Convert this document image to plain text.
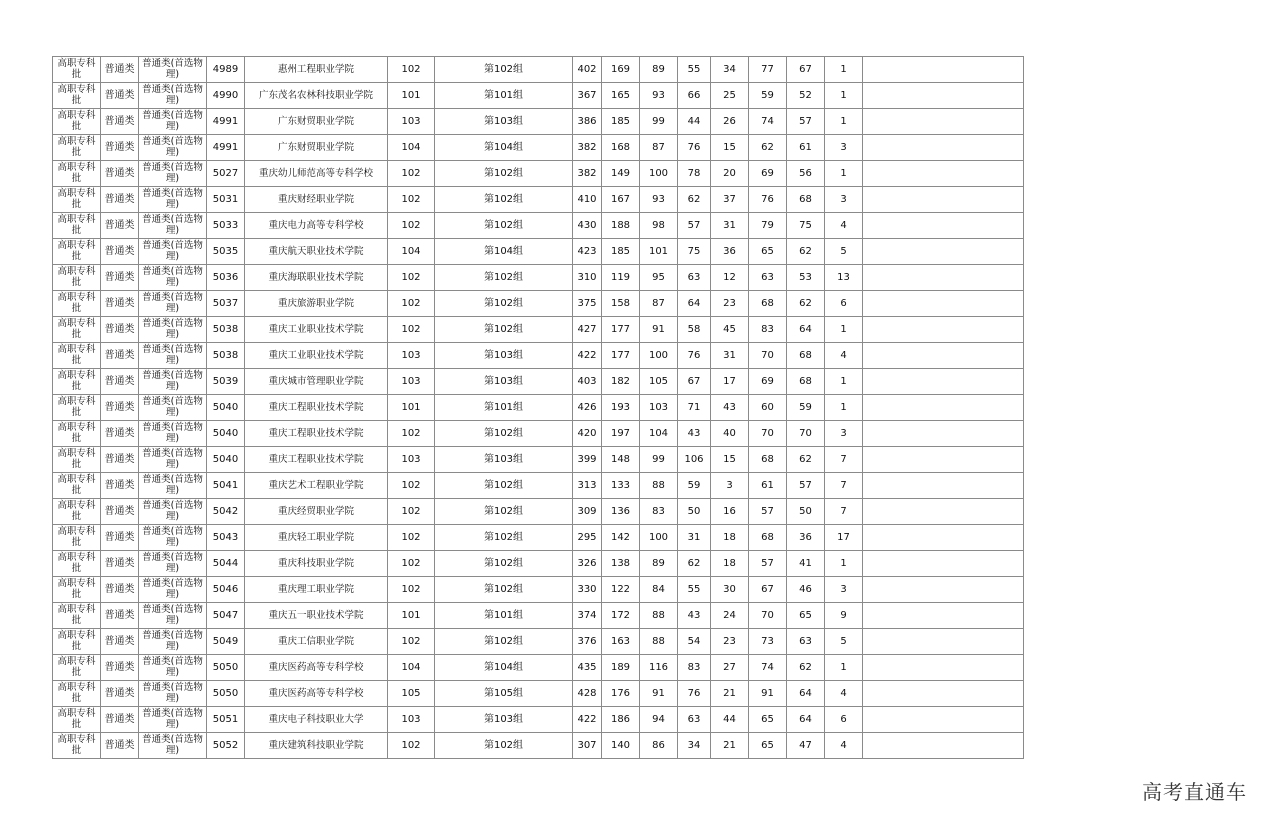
高职专科批	普通类	普通类(首选物理)	4989	惠州工程职业学院	102	第102组	402	169	89	55	34	77	67	1	
高职专科批	普通类	普通类(首选物理)	4990	广东茂名农林科技职业学院	101	第101组	367	165	93	66	25	59	52	1	
高职专科批	普通类	普通类(首选物理)	4991	广东财贸职业学院	103	第103组	386	185	99	44	26	74	57	1	
高职专科批	普通类	普通类(首选物理)	4991	广东财贸职业学院	104	第104组	382	168	87	76	15	62	61	3	
高职专科批	普通类	普通类(首选物理)	5027	重庆幼儿师范高等专科学校	102	第102组	382	149	100	78	20	69	56	1	
高职专科批	普通类	普通类(首选物理)	5031	重庆财经职业学院	102	第102组	410	167	93	62	37	76	68	3	
高职专科批	普通类	普通类(首选物理)	5033	重庆电力高等专科学校	102	第102组	430	188	98	57	31	79	75	4	
高职专科批	普通类	普通类(首选物理)	5035	重庆航天职业技术学院	104	第104组	423	185	101	75	36	65	62	5	
高职专科批	普通类	普通类(首选物理)	5036	重庆海联职业技术学院	102	第102组	310	119	95	63	12	63	53	13	
高职专科批	普通类	普通类(首选物理)	5037	重庆旅游职业学院	102	第102组	375	158	87	64	23	68	62	6	
高职专科批	普通类	普通类(首选物理)	5038	重庆工业职业技术学院	102	第102组	427	177	91	58	45	83	64	1	
高职专科批	普通类	普通类(首选物理)	5038	重庆工业职业技术学院	103	第103组	422	177	100	76	31	70	68	4	
高职专科批	普通类	普通类(首选物理)	5039	重庆城市管理职业学院	103	第103组	403	182	105	67	17	69	68	1	
高职专科批	普通类	普通类(首选物理)	5040	重庆工程职业技术学院	101	第101组	426	193	103	71	43	60	59	1	
高职专科批	普通类	普通类(首选物理)	5040	重庆工程职业技术学院	102	第102组	420	197	104	43	40	70	70	3	
高职专科批	普通类	普通类(首选物理)	5040	重庆工程职业技术学院	103	第103组	399	148	99	106	15	68	62	7	
高职专科批	普通类	普通类(首选物理)	5041	重庆艺术工程职业学院	102	第102组	313	133	88	59	3	61	57	7	
高职专科批	普通类	普通类(首选物理)	5042	重庆经贸职业学院	102	第102组	309	136	83	50	16	57	50	7	
高职专科批	普通类	普通类(首选物理)	5043	重庆轻工职业学院	102	第102组	295	142	100	31	18	68	36	17	
高职专科批	普通类	普通类(首选物理)	5044	重庆科技职业学院	102	第102组	326	138	89	62	18	57	41	1	
高职专科批	普通类	普通类(首选物理)	5046	重庆理工职业学院	102	第102组	330	122	84	55	30	67	46	3	
高职专科批	普通类	普通类(首选物理)	5047	重庆五一职业技术学院	101	第101组	374	172	88	43	24	70	65	9	
高职专科批	普通类	普通类(首选物理)	5049	重庆工信职业学院	102	第102组	376	163	88	54	23	73	63	5	
高职专科批	普通类	普通类(首选物理)	5050	重庆医药高等专科学校	104	第104组	435	189	116	83	27	74	62	1	
高职专科批	普通类	普通类(首选物理)	5050	重庆医药高等专科学校	105	第105组	428	176	91	76	21	91	64	4	
高职专科批	普通类	普通类(首选物理)	5051	重庆电子科技职业大学	103	第103组	422	186	94	63	44	65	64	6	
高职专科批	普通类	普通类(首选物理)	5052	重庆建筑科技职业学院	102	第102组	307	140	86	34	21	65	47	4	
高考直通车
